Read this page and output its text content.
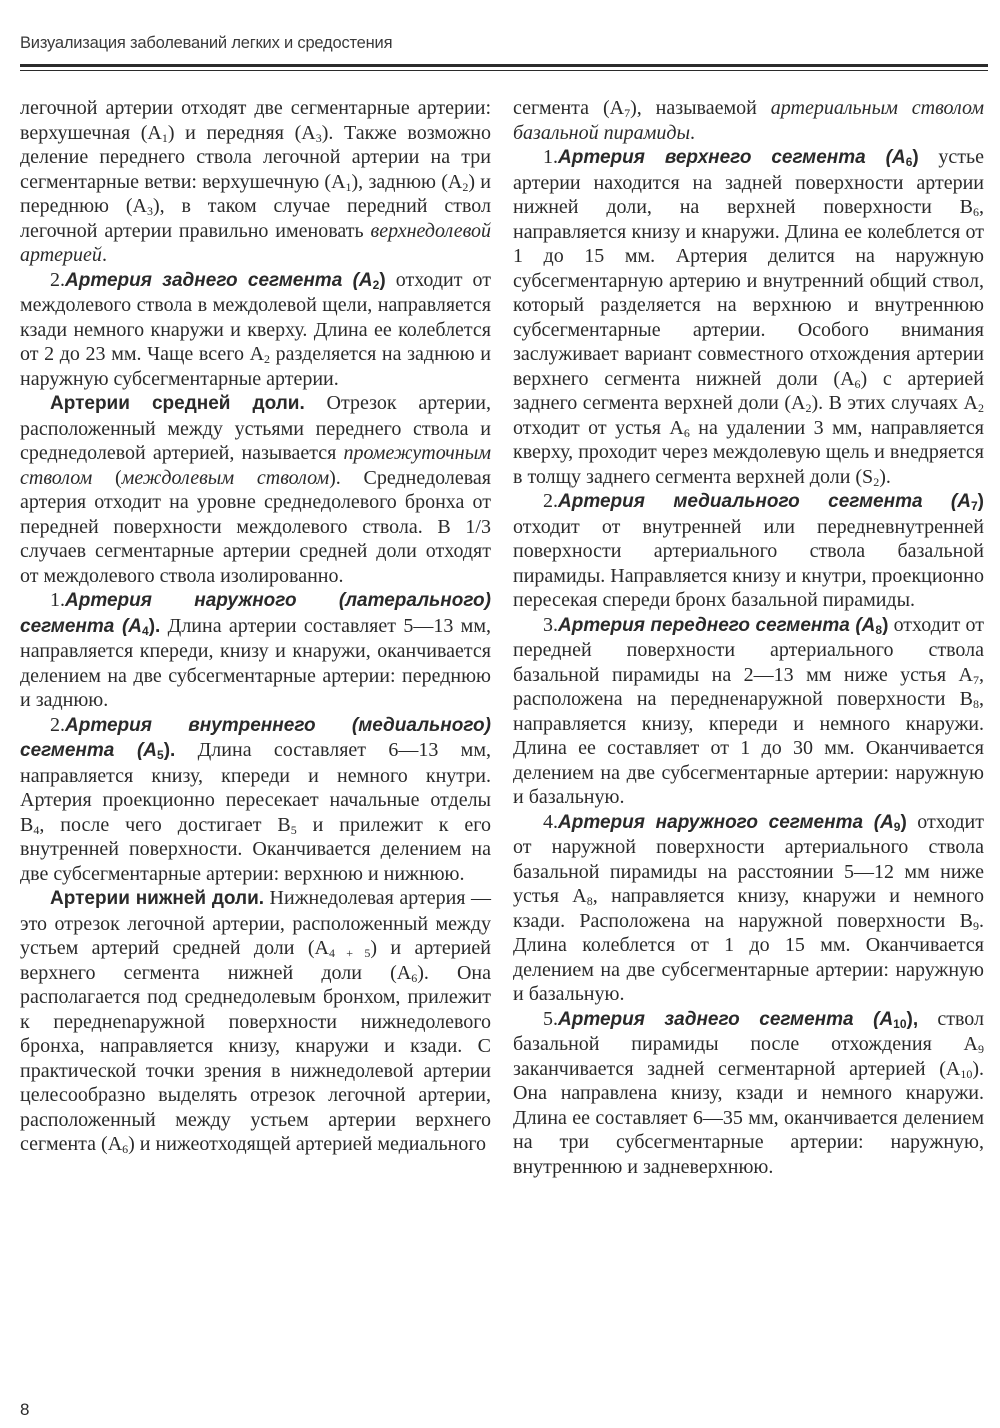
Визуализация заболеваний легких и средостения

легочной артерии отходят две сегментарные артерии: верхушечная $(А_1)$ и передняя $(А_3)$. Также возможно деление переднего ствола легочной артерии на три сегментарные ветви: верхушечную $(А_1)$, заднюю $(А_2)$ и переднюю $(А_3)$, в таком случае передний ствол легочной артерии правильно именовать верхнедолевой артерией.

2.Артерия заднего сегмента $(А_2)$ отходит от междолевого ствола в междолевой щели, направляется кзади немного кнаружи и кверху. Длина ее колеблется от 2 до 23 мм. Чаще всего $А_2$ разделяется на заднюю и наружную субсегментарные артерии.

Артерии средней доли. Отрезок артерии, расположенный между устьями переднего ствола и среднедолевой артерией, называется промежуточным стволом (междолевым стволом). Среднедолевая артерия отходит на уровне среднедолевого бронха от передней поверхности междолевого ствола. В 1/3 случаев сегментарные артерии средней доли отходят от междолевого ствола изолированно.

1.Артерия наружного (латерального) сегмента $(А_4)$. Длина артерии составляет 5—13 мм, направляется кпереди, книзу и кнаружи, оканчивается делением на две субсегментарные артерии: переднюю и заднюю.

2.Артерия внутреннего (медиального) сегмента $(А_5)$. Длина составляет 6—13 мм, направляется книзу, кпереди и немного кнутри. Артерия проекционно пересекает начальные отделы $В_4$, после чего достигает $В_5$ и прилежит к его внутренней поверхности. Оканчивается делением на две субсегментарные артерии: верхнюю и нижнюю.

Артерии нижней доли. Нижнедолевая артерия — это отрезок легочной артерии, расположенный между устьем артерий средней доли $(А_{4 + 5})$ и артерией верхнего сегмента нижней доли $(А_6)$. Она располагается под среднедолевым бронхом, прилежит к переднenaружной поверхности нижнедолевого бронха, направляется книзу, кнаружи и кзади. С практической точки зрения в нижнедолевой артерии целесообразно выделять отрезок легочной артерии, расположенный между устьем артерии верхнего сегмента $(А_6)$ и нижеотходящей артерией медиального

сегмента $(А_7)$, называемой артериальным стволом базальной пирамиды.

1.Артерия верхнего сегмента $(А_6)$ устье артерии находится на задней поверхности артерии нижней доли, на верхней поверхности $В_6$, направляется книзу и кнаружи. Длина ее колеблется от 1 до 15 мм. Артерия делится на наружную субсегментарную артерию и внутренний общий ствол, который разделяется на верхнюю и внутреннюю субсегментарные артерии. Особого внимания заслуживает вариант совместного отхождения артерии верхнего сегмента нижней доли $(А_6)$ с артерией заднего сегмента верхней доли $(А_2)$. В этих случаях $А_2$ отходит от устья $А_6$ на удалении 3 мм, направляется кверху, проходит через междолевую щель и внедряется в толщу заднего сегмента верхней доли $(S_2)$.

2.Артерия медиального сегмента $(А_7)$ отходит от внутренней или передневнутренней поверхности артериального ствола базальной пирамиды. Направляется книзу и кнутри, проекционно пересекая спереди бронх базальной пирамиды.

3.Артерия переднего сегмента $(А_8)$ отходит от передней поверхности артериального ствола базальной пирамиды на 2—13 мм ниже устья $А_7$, расположена на передненаружной поверхности $В_8$, направляется книзу, кпереди и немного кнаружи. Длина ее составляет от 1 до 30 мм. Оканчивается делением на две субсегментарные артерии: наружную и базальную.

4.Артерия наружного сегмента $(А_9)$ отходит от наружной поверхности артериального ствола базальной пирамиды на расстоянии 5—12 мм ниже устья $А_8$, направляется книзу, кнаружи и немного кзади. Расположена на наружной поверхности $В_9$. Длина колеблется от 1 до 15 мм. Оканчивается делением на две субсегментарные артерии: наружную и базальную.

5.Артерия заднего сегмента $(А_{10})$, ствол базальной пирамиды после отхождения $А_9$ заканчивается задней сегментарной артерией $(А_{10})$. Она направлена книзу, кзади и немного кнаружи. Длина ее составляет 6—35 мм, оканчивается делением на три субсегментарные артерии: наружную, внутреннюю и задневерхнюю.

8
